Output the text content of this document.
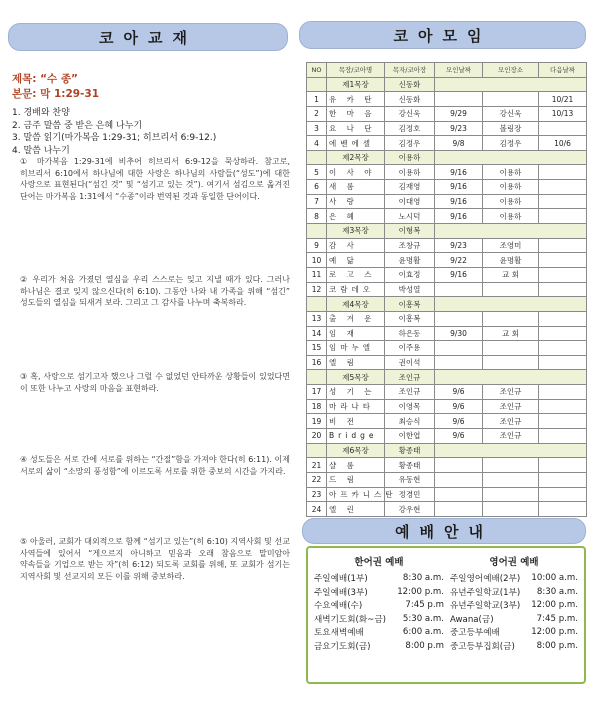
코아교재
제목: “수 종”
본문: 막 1:29-31
1. 경배와 찬양
2. 금주 말씀 중 받은 은혜 나누기
3. 말씀 읽기(마가복음 1:29-31; 히브리서 6:9-12.)
4. 말씀 나누기
① 마가복음 1:29-31에 비추어 히브리서 6:9-12을 묵상하라. 참고로, 히브리서 6:10에서 하나님에 대한 사랑은 하나님의 사람들(“성도”)에 대한 사랑으로 표현된다(“섬긴 것” 및 “섬기고 있는 것”). 여기서 섬김으로 옮겨진 단어는 마가복음 1:31에서 “수종”이라 번역된 것과 동일한 단어이다.
② 우리가 처음 가졌던 열심을 우리 스스로는 잊고 지낼 때가 있다. 그러나 하나님은 결코 잊지 않으신다(히 6:10). 그동안 나와 내 가족을 위해 “섬긴” 성도들의 열심을 되새겨 보라. 그리고 그 감사를 나누며 축복하라.
③ 혹, 사랑으로 섬기고자 했으나 그럴 수 없었던 안타까운 상황들이 있었다면 이 또한 나누고 사랑의 마음을 표현하라.
④ 성도들은 서로 간에 서로를 위하는 “간절”함을 가져야 한다(히 6:11). 이제 서로의 삶이 “소망의 풍성함”에 이르도록 서로를 위한 중보의 시간을 가지라.
⑤ 아울러, 교회가 대외적으로 함께 “섬기고 있는”(히 6:10) 지역사회 및 선교 사역들에 있어서 “게으르지 아니하고 믿음과 오래 참음으로 말미암아 약속들을 기업으로 받는 자”(히 6:12) 되도록 교회를 위해, 또 교회가 섬기는 지역사회 및 선교지의 모든 이를 위해 중보하라.
코아모임
NO	목장/코아명	목자/코아장	모인날짜	모인장소	다음날짜
	제1목장	신동화			
1	유 카 탄	신동화			10/21
2	한 마 음	강신욱	9/29	강신욱	10/13
3	요 나 단	김정호	9/23	볼링장	
4	에벤에셀	김정우	9/8	김정우	10/6
	제2목장	이용하			
5	이 사 야	이용하	9/16	이용하	
6	새 롬	김재영	9/16	이용하	
7	사 랑	이대영	9/16	이용하	
8	은 혜	노시덕	9/16	이용하	
	제3목장	이형복			
9	감 사	조창규	9/23	조영미	
10	예 닮	윤명활	9/22	윤명활	
11	로 고 스	이효정	9/16	교 회	
12	코람데오	박성열			
	제4목장	이흥복			
13	출 겨 운	이흥복			
14	임 재	하은동	9/30	교 회	
15	임마누엘	이주용			
16	엘 림	권이석			
	제5목장	조인규			
17	성 기 는	조인규	9/6	조인규	
18	마라나타	이영목	9/6	조인규	
19	비 전	최승식	9/6	조인규	
20	Bridge	이한엽	9/6	조인규	
	제6목장	황종태			
21	샬 롬	황종태			
22	드 림	유동현			
23	아프카니스탄	정경민			
24	엘 린	강우현			
예배안내
한어권 예배
주일예배(1부)	8:30 a.m.
주일예배(3부)	12:00 p.m.
수요예배(수)	7:45 p.m
새벽기도회(화~금) 5:30 a.m.
토요새벽예배	6:00 a.m.
금요기도회(금)	8:00 p.m
영어권 예배
주일영어예배(2부) 10:00 a.m.
유년주일학교(1부) 8:30 a.m.
유년주일학교(3부) 12:00 p.m.
Awana(금)	7:45 p.m.
중고등부예배	12:00 p.m.
중고등부집회(금)	8:00 p.m.
